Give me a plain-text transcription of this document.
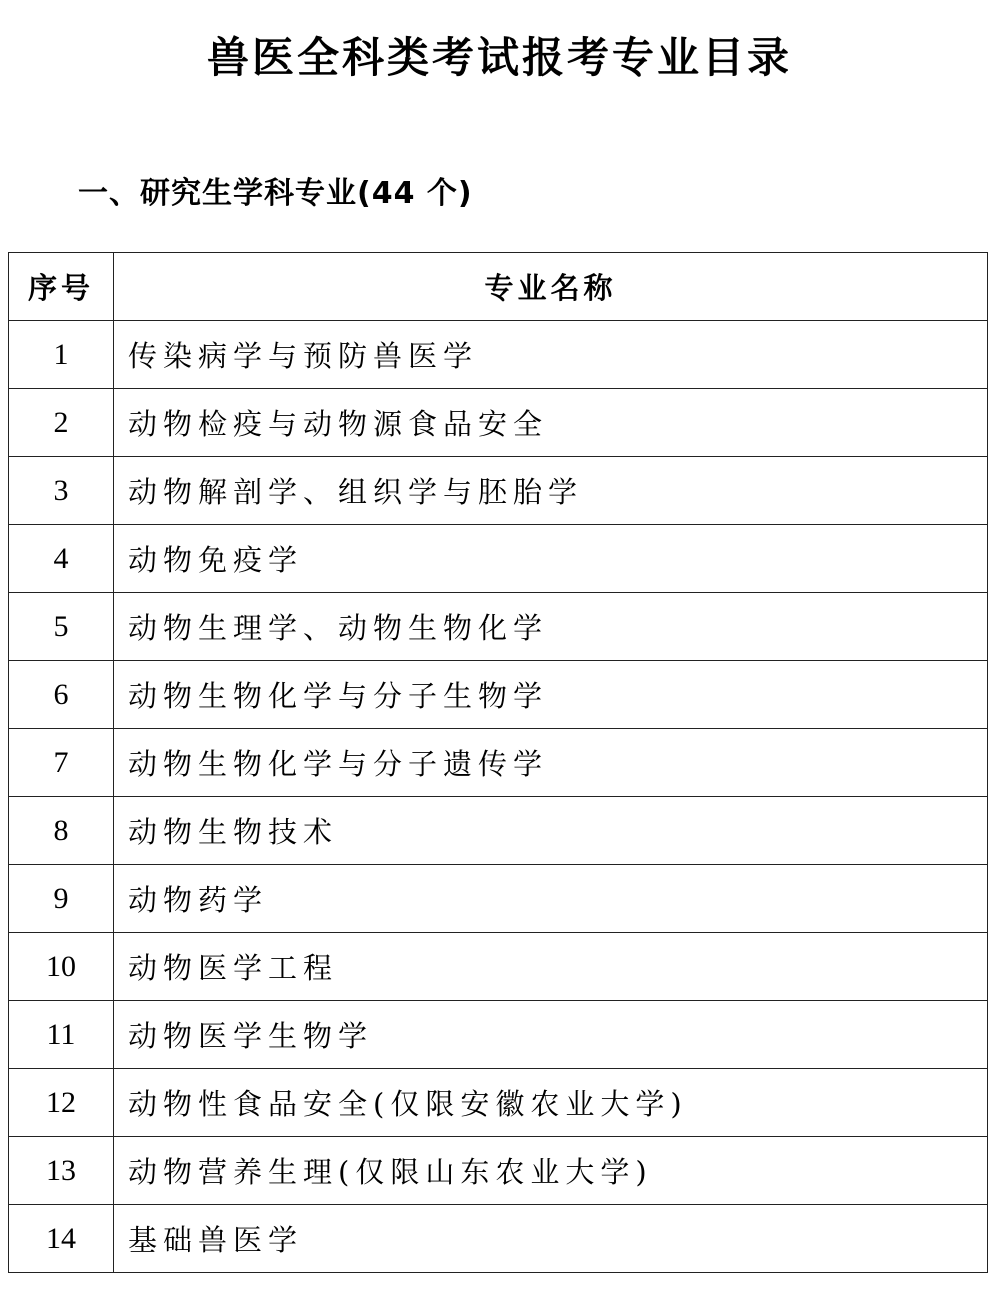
兽医全科类考试报考专业目录
一、研究生学科专业(44 个)
序号	专业名称
1	传染病学与预防兽医学
2	动物检疫与动物源食品安全
3	动物解剖学、组织学与胚胎学
4	动物免疫学
5	动物生理学、动物生物化学
6	动物生物化学与分子生物学
7	动物生物化学与分子遗传学
8	动物生物技术
9	动物药学
10	动物医学工程
11	动物医学生物学
12	动物性食品安全(仅限安徽农业大学)
13	动物营养生理(仅限山东农业大学)
14	基础兽医学
